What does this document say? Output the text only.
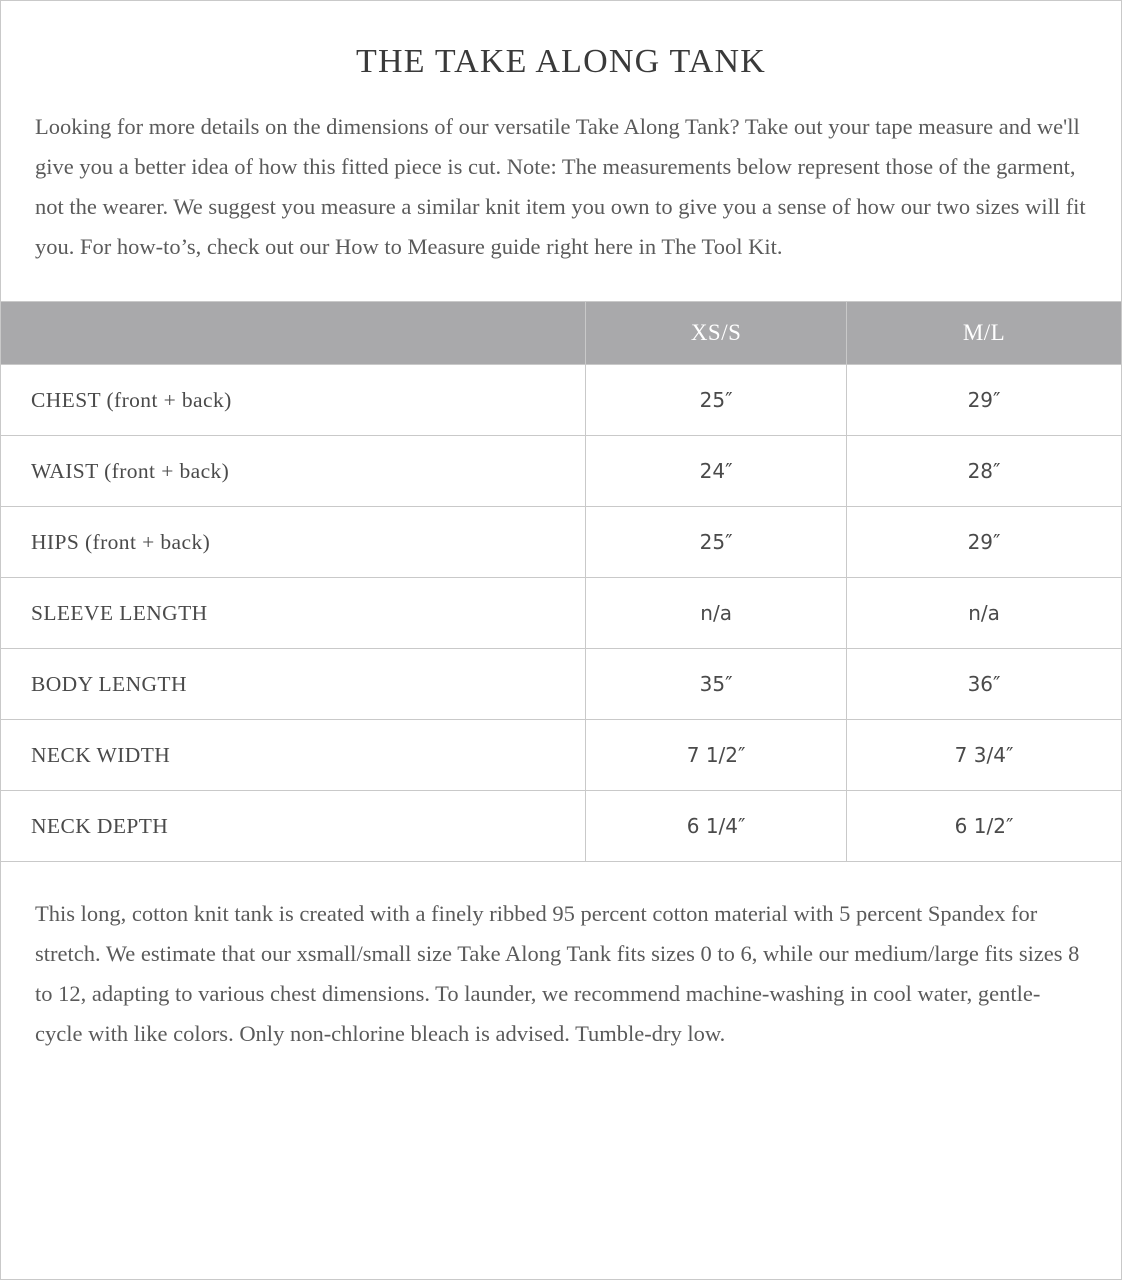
THE TAKE ALONG TANK

Looking for more details on the dimensions of our versatile Take Along Tank? Take out your tape measure and we'll give you a better idea of how this fitted piece is cut. Note: The measurements below represent those of the garment, not the wearer. We suggest you measure a similar knit item you own to give you a sense of how our two sizes will fit you. For how-to’s, check out our How to Measure guide right here in The Tool Kit.

	XS/S	M/L
CHEST (front + back)	25″	29″
WAIST (front + back)	24″	28″
HIPS (front + back)	25″	29″
SLEEVE LENGTH	n/a	n/a
BODY LENGTH	35″	36″
NECK WIDTH	7 1/2″	7 3/4″
NECK DEPTH	6 1/4″	6 1/2″

This long, cotton knit tank is created with a finely ribbed 95 percent cotton material with 5 percent Spandex for stretch. We estimate that our xsmall/small size Take Along Tank fits sizes 0 to 6, while our medium/large fits sizes 8 to 12, adapting to various chest dimensions. To launder, we recommend machine-washing in cool water, gentle-cycle with like colors. Only non-chlorine bleach is advised. Tumble-dry low.
